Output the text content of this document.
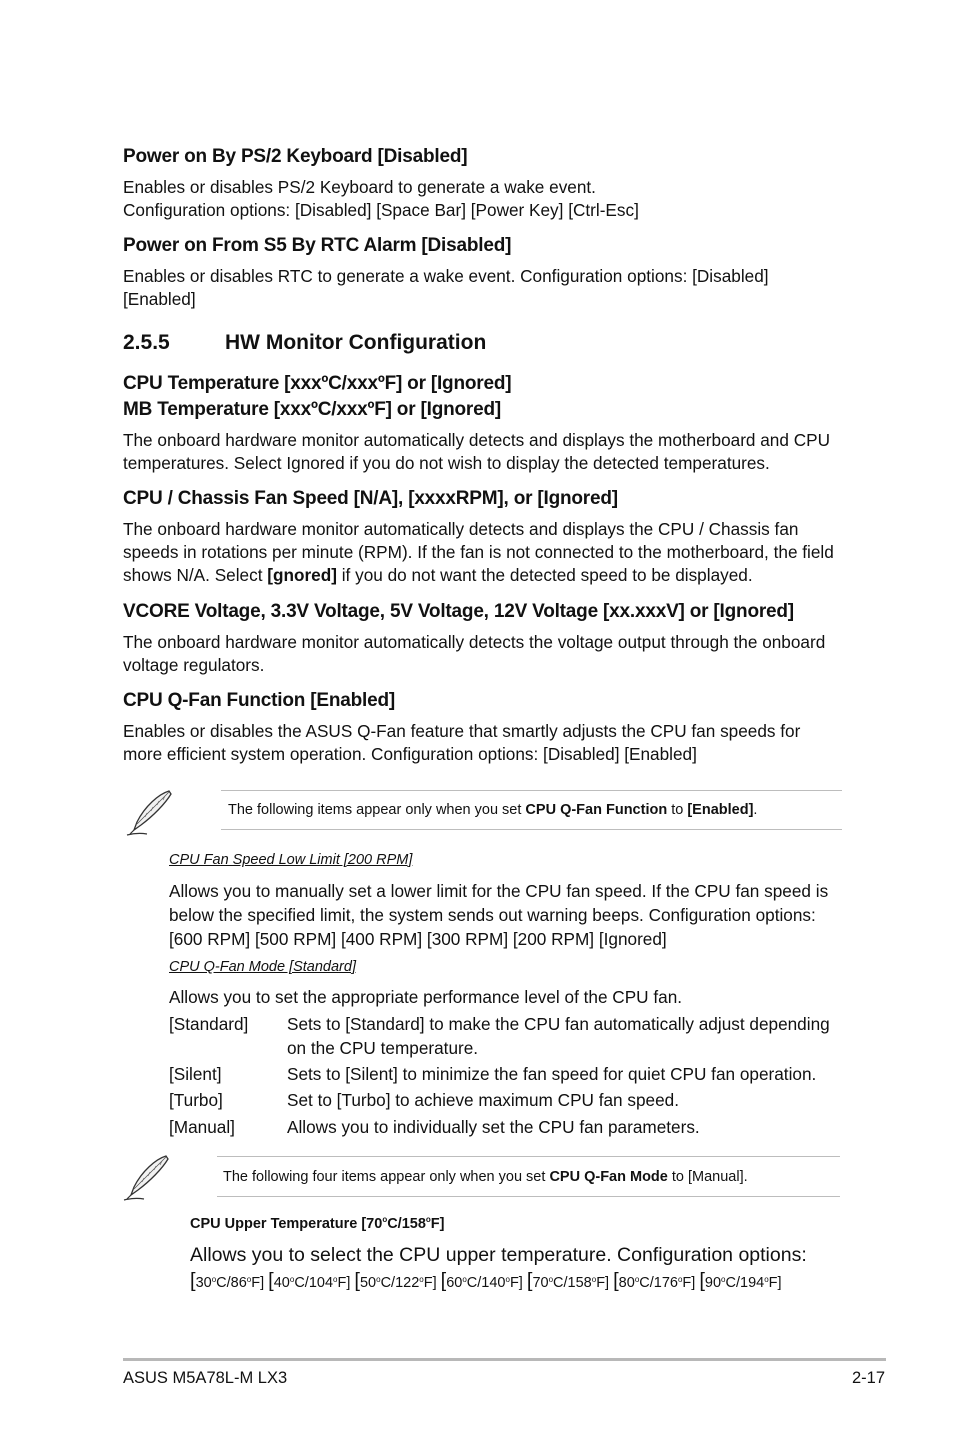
Power on By PS/2 Keyboard [Disabled]
Enables or disables PS/2 Keyboard to generate a wake event.
Configuration options: [Disabled] [Space Bar] [Power Key] [Ctrl-Esc]
Power on From S5 By RTC Alarm [Disabled]
Enables or disables RTC to generate a wake event. Configuration options: [Disabled] [Enabled]
2.5.5	HW Monitor Configuration
CPU Temperature [xxxºC/xxxºF] or [Ignored]
MB Temperature [xxxºC/xxxºF] or [Ignored]
The onboard hardware monitor automatically detects and displays the motherboard and CPU temperatures. Select Ignored if you do not wish to display the detected temperatures.
CPU / Chassis Fan Speed [N/A], [xxxxRPM], or [Ignored]
The onboard hardware monitor automatically detects and displays the CPU / Chassis fan speeds in rotations per minute (RPM). If the fan is not connected to the motherboard, the field shows N/A. Select [gnored] if you do not want the detected speed to be displayed.
VCORE Voltage, 3.3V Voltage, 5V Voltage, 12V Voltage [xx.xxxV] or [Ignored]
The onboard hardware monitor automatically detects the voltage output through the onboard voltage regulators.
CPU Q-Fan Function [Enabled]
Enables or disables the ASUS Q-Fan feature that smartly adjusts the CPU fan speeds for more efficient system operation. Configuration options: [Disabled] [Enabled]
The following items appear only when you set CPU Q-Fan Function to [Enabled].
CPU Fan Speed Low Limit [200 RPM]
Allows you to manually set a lower limit for the CPU fan speed. If the CPU fan speed is below the specified limit, the system sends out warning beeps. Configuration options: [600 RPM] [500 RPM] [400 RPM] [300 RPM] [200 RPM] [Ignored]
CPU Q-Fan Mode [Standard]
Allows you to set the appropriate performance level of the CPU fan.
[Standard] Sets to [Standard] to make the CPU fan automatically adjust depending on the CPU temperature.
[Silent]	Sets to [Silent] to minimize the fan speed for quiet CPU fan operation.
[Turbo]	Set to [Turbo] to achieve maximum CPU fan speed.
[Manual]	Allows you to individually set the CPU fan parameters.
The following four items appear only when you set CPU Q-Fan Mode to [Manual].
CPU Upper Temperature [70$^o$C/158$^o$F]
Allows you to select the CPU upper temperature. Configuration options:
[30$^o$C/86$^o$F] [40$^o$C/104$^o$F] [50$^o$C/122$^o$F] [60$^o$C/140$^o$F] [70$^o$C/158$^o$F] [80$^o$C/176$^o$F] [90$^o$C/194$^o$F]
ASUS M5A78L-M LX3	2-17
